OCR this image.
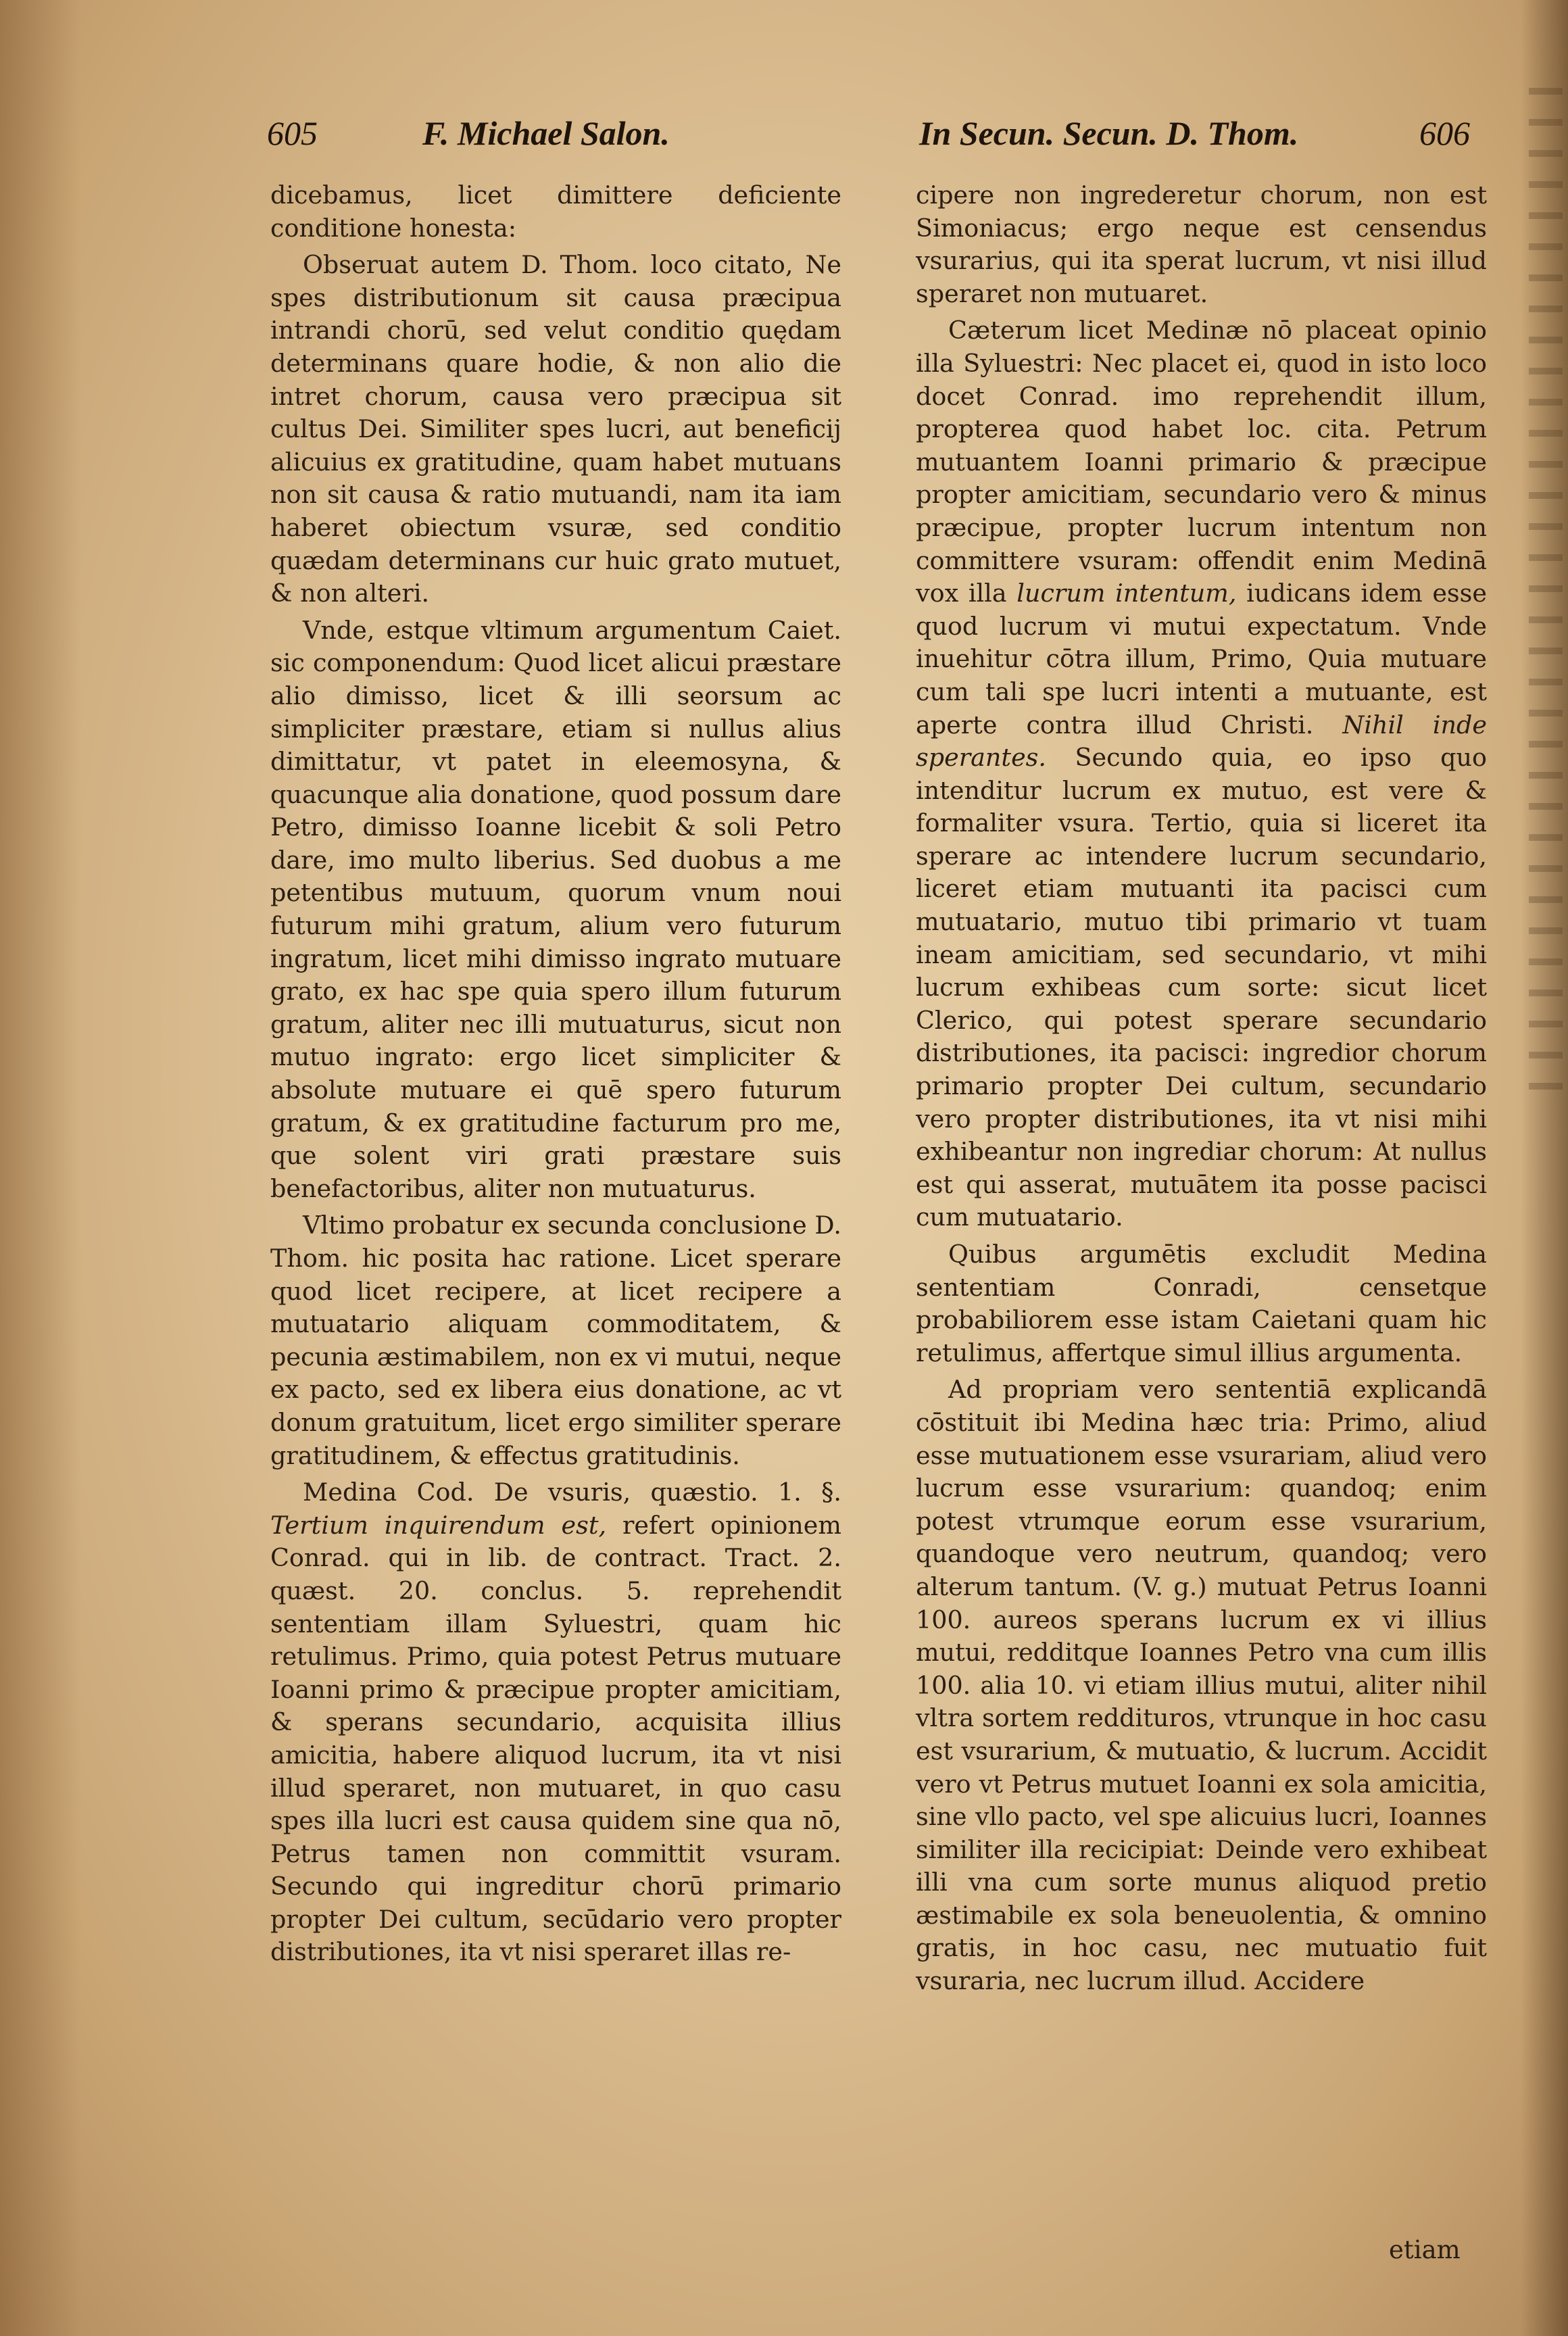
605	F. Michael Salon.	In Secun. Secun. D. Thom.	606

dicebamus, licet dimittere deficiente conditione honesta:

Obseruat autem D. Thom. loco citato, Ne spes distributionum sit causa præcipua intrandi chorū, sed velut conditio quędam determinans quare hodie, & non alio die intret chorum, causa vero præcipua sit cultus Dei. Similiter spes lucri, aut beneficij alicuius ex gratitudine, quam habet mutuans non sit causa & ratio mutuandi, nam ita iam haberet obiectum vsuræ, sed conditio quædam determinans cur huic grato mutuet, & non alteri.

Vnde, estque vltimum argumentum Caiet. sic componendum: Quod licet alicui præstare alio dimisso, licet & illi seorsum ac simpliciter præstare, etiam si nullus alius dimittatur, vt patet in eleemosyna, & quacunque alia donatione, quod possum dare Petro, dimisso Ioanne licebit & soli Petro dare, imo multo liberius. Sed duobus a me petentibus mutuum, quorum vnum noui futurum mihi gratum, alium vero futurum ingratum, licet mihi dimisso ingrato mutuare grato, ex hac spe quia spero illum futurum gratum, aliter nec illi mutuaturus, sicut non mutuo ingrato: ergo licet simpliciter & absolute mutuare ei quē spero futurum gratum, & ex gratitudine facturum pro me, que solent viri grati præstare suis benefactoribus, aliter non mutuaturus.

Vltimo probatur ex secunda conclusione D. Thom. hic posita hac ratione. Licet sperare quod licet recipere, at licet recipere a mutuatario aliquam commoditatem, & pecunia æstimabilem, non ex vi mutui, neque ex pacto, sed ex libera eius donatione, ac vt donum gratuitum, licet ergo similiter sperare gratitudinem, & effectus gratitudinis.

Medina Cod. De vsuris, quæstio. 1. §. Tertium inquirendum est, refert opinionem Conrad. qui in lib. de contract. Tract. 2. quæst. 20. conclus. 5. reprehendit sententiam illam Syluestri, quam hic retulimus. Primo, quia potest Petrus mutuare Ioanni primo & præcipue propter amicitiam, & sperans secundario, acquisita illius amicitia, habere aliquod lucrum, ita vt nisi illud speraret, non mutuaret, in quo casu spes illa lucri est causa quidem sine qua nō, Petrus tamen non committit vsuram. Secundo qui ingreditur chorū primario propter Dei cultum, secūdario vero propter distributiones, ita vt nisi speraret illas re-

cipere non ingrederetur chorum, non est Simoniacus; ergo neque est censendus vsurarius, qui ita sperat lucrum, vt nisi illud speraret non mutuaret.

Cæterum licet Medinæ nō placeat opinio illa Syluestri: Nec placet ei, quod in isto loco docet Conrad. imo reprehendit illum, propterea quod habet loc. cita. Petrum mutuantem Ioanni primario & præcipue propter amicitiam, secundario vero & minus præcipue, propter lucrum intentum non committere vsuram: offendit enim Medinā vox illa lucrum intentum, iudicans idem esse quod lucrum vi mutui expectatum. Vnde inuehitur cōtra illum, Primo, Quia mutuare cum tali spe lucri intenti a mutuante, est aperte contra illud Christi. Nihil inde sperantes. Secundo quia, eo ipso quo intenditur lucrum ex mutuo, est vere & formaliter vsura. Tertio, quia si liceret ita sperare ac intendere lucrum secundario, liceret etiam mutuanti ita pacisci cum mutuatario, mutuo tibi primario vt tuam ineam amicitiam, sed secundario, vt mihi lucrum exhibeas cum sorte: sicut licet Clerico, qui potest sperare secundario distributiones, ita pacisci: ingredior chorum primario propter Dei cultum, secundario vero propter distributiones, ita vt nisi mihi exhibeantur non ingrediar chorum: At nullus est qui asserat, mutuātem ita posse pacisci cum mutuatario.

Quibus argumētis excludit Medina sententiam Conradi, censetque probabiliorem esse istam Caietani quam hic retulimus, affertque simul illius argumenta.

Ad propriam vero sententiā explicandā cōstituit ibi Medina hæc tria: Primo, aliud esse mutuationem esse vsurariam, aliud vero lucrum esse vsurarium: quandoq; enim potest vtrumque eorum esse vsurarium, quandoque vero neutrum, quandoq; vero alterum tantum. (V. g.) mutuat Petrus Ioanni 100. aureos sperans lucrum ex vi illius mutui, redditque Ioannes Petro vna cum illis 100. alia 10. vi etiam illius mutui, aliter nihil vltra sortem reddituros, vtrunque in hoc casu est vsurarium, & mutuatio, & lucrum. Accidit vero vt Petrus mutuet Ioanni ex sola amicitia, sine vllo pacto, vel spe alicuius lucri, Ioannes similiter illa recicipiat: Deinde vero exhibeat illi vna cum sorte munus aliquod pretio æstimabile ex sola beneuolentia, & omnino gratis, in hoc casu, nec mutuatio fuit vsuraria, nec lucrum illud. Accidere

etiam
